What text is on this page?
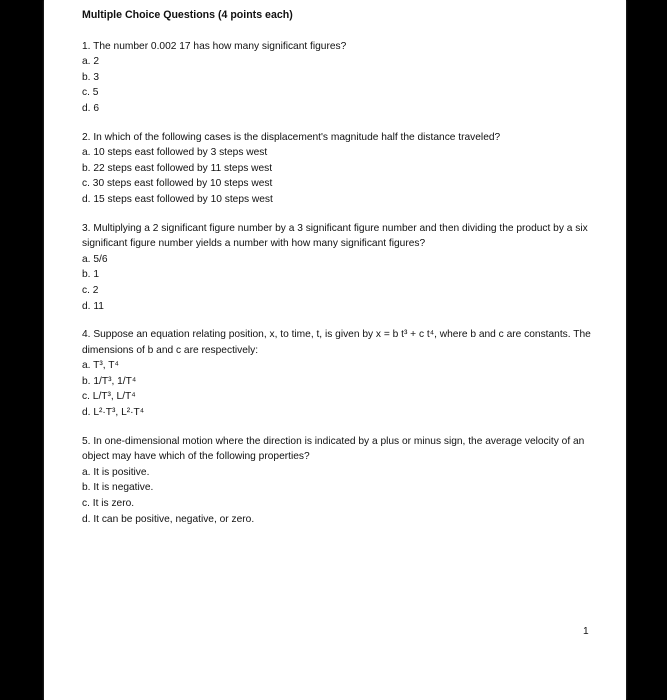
Multiple Choice Questions (4 points each)

1. The number 0.002 17 has how many significant figures?

a. 2
b. 3
c. 5
d. 6

2. In which of the following cases is the displacement's magnitude half the distance traveled?

a. 10 steps east followed by 3 steps west
b. 22 steps east followed by 11 steps west
c. 30 steps east followed by 10 steps west
d. 15 steps east followed by 10 steps west

3. Multiplying a 2 significant figure number by a 3 significant figure number and then dividing the product by a six significant figure number yields a number with how many significant figures?

a. 5/6
b. 1
c. 2
d. 11

4. Suppose an equation relating position, x, to time, t, is given by x = b t³ + c t⁴, where b and c are constants. The dimensions of b and c are respectively:

a. T³, T⁴
b. 1/T³, 1/T⁴
c. L/T³, L/T⁴
d. L²·T³, L²·T⁴

5. In one-dimensional motion where the direction is indicated by a plus or minus sign, the average velocity of an object may have which of the following properties?

a. It is positive.
b. It is negative.
c. It is zero.
d. It can be positive, negative, or zero.
1
